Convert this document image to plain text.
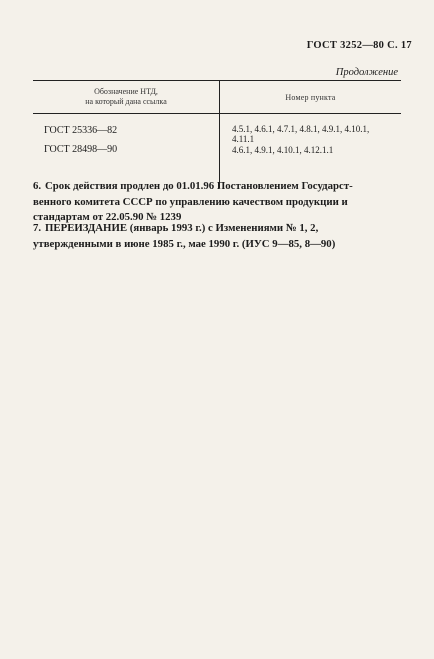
ГОСТ 3252—80 С. 17
Продолжение
Обозначение НТД,
на который дана ссылка	Номер пункта
ГОСТ 25336—82
ГОСТ 28498—90
4.5.1, 4.6.1, 4.7.1, 4.8.1, 4.9.1, 4.10.1,
4.11.1
4.6.1, 4.9.1, 4.10.1, 4.12.1.1
6. Срок действия продлен до 01.01.96 Постановлением Государст-
венного комитета СССР по управлению качеством продукции и
стандартам от 22.05.90 № 1239
7. ПЕРЕИЗДАНИЕ (январь 1993 г.) с Изменениями № 1, 2,
утвержденными в июне 1985 г., мае 1990 г. (ИУС 9—85, 8—90)
